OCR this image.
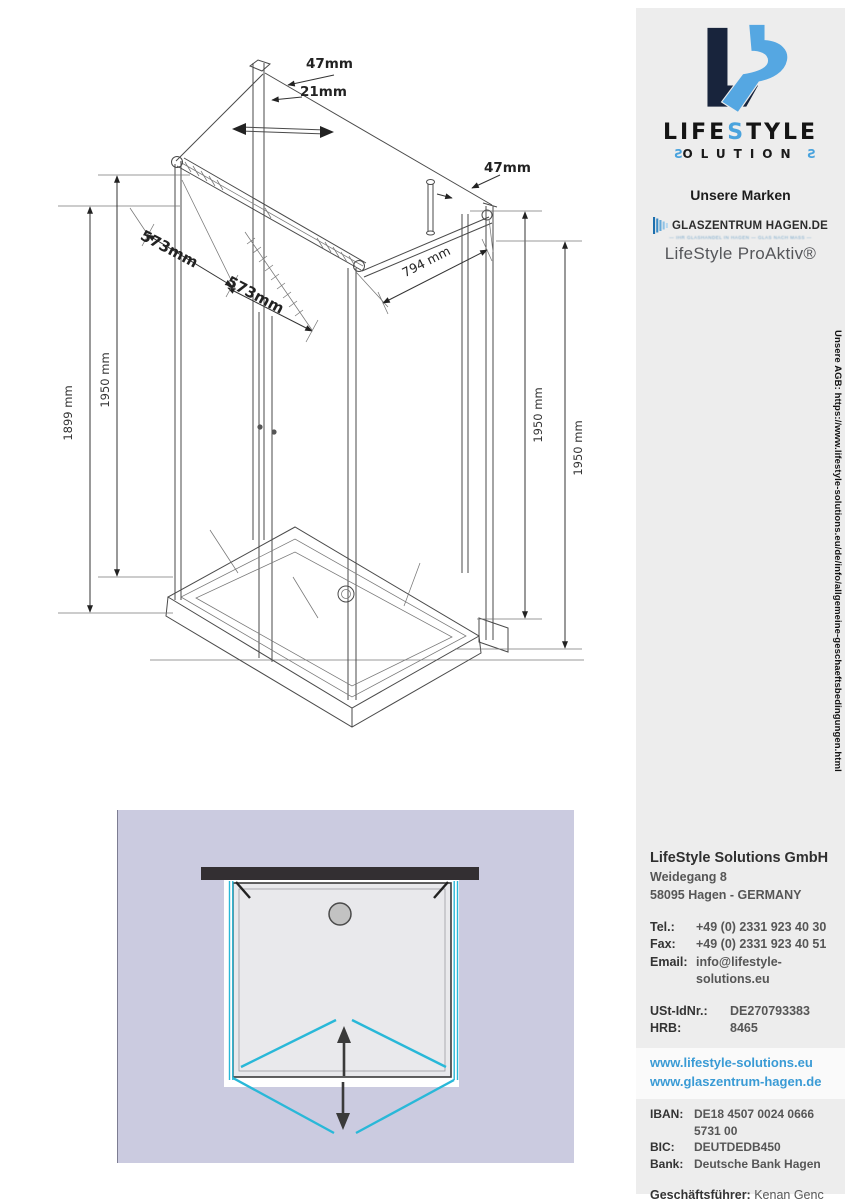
47mm
21mm
47mm
573mm
573mm
794 mm
1899 mm
1950 mm
1950 mm
1950 mm
LIFESTYLE
SOLUTIONS
Unsere Marken
GLASZENTRUM HAGEN.DE
— IHR GLASHANDEL IN HAGEN — GLAS NACH MASS —
LifeStyle ProAktiv®
Unsere AGB: https://www.lifestyle-solutions.eu/de/info/allgemeine-geschaeftsbedingungen.html
LifeStyle Solutions GmbH
Weidegang 8
58095 Hagen - GERMANY
Tel.:	+49 (0) 2331 923 40 30
Fax:	+49 (0) 2331 923 40 51
Email: info@lifestyle-solutions.eu
USt-IdNr.:	DE270793383
HRB:	8465
www.lifestyle-solutions.eu
www.glaszentrum-hagen.de
IBAN: DE18 4507 0024 0666 5731 00
BIC:	DEUTDEDB450
Bank: Deutsche Bank Hagen
Geschäftsführer: Kenan Genc
